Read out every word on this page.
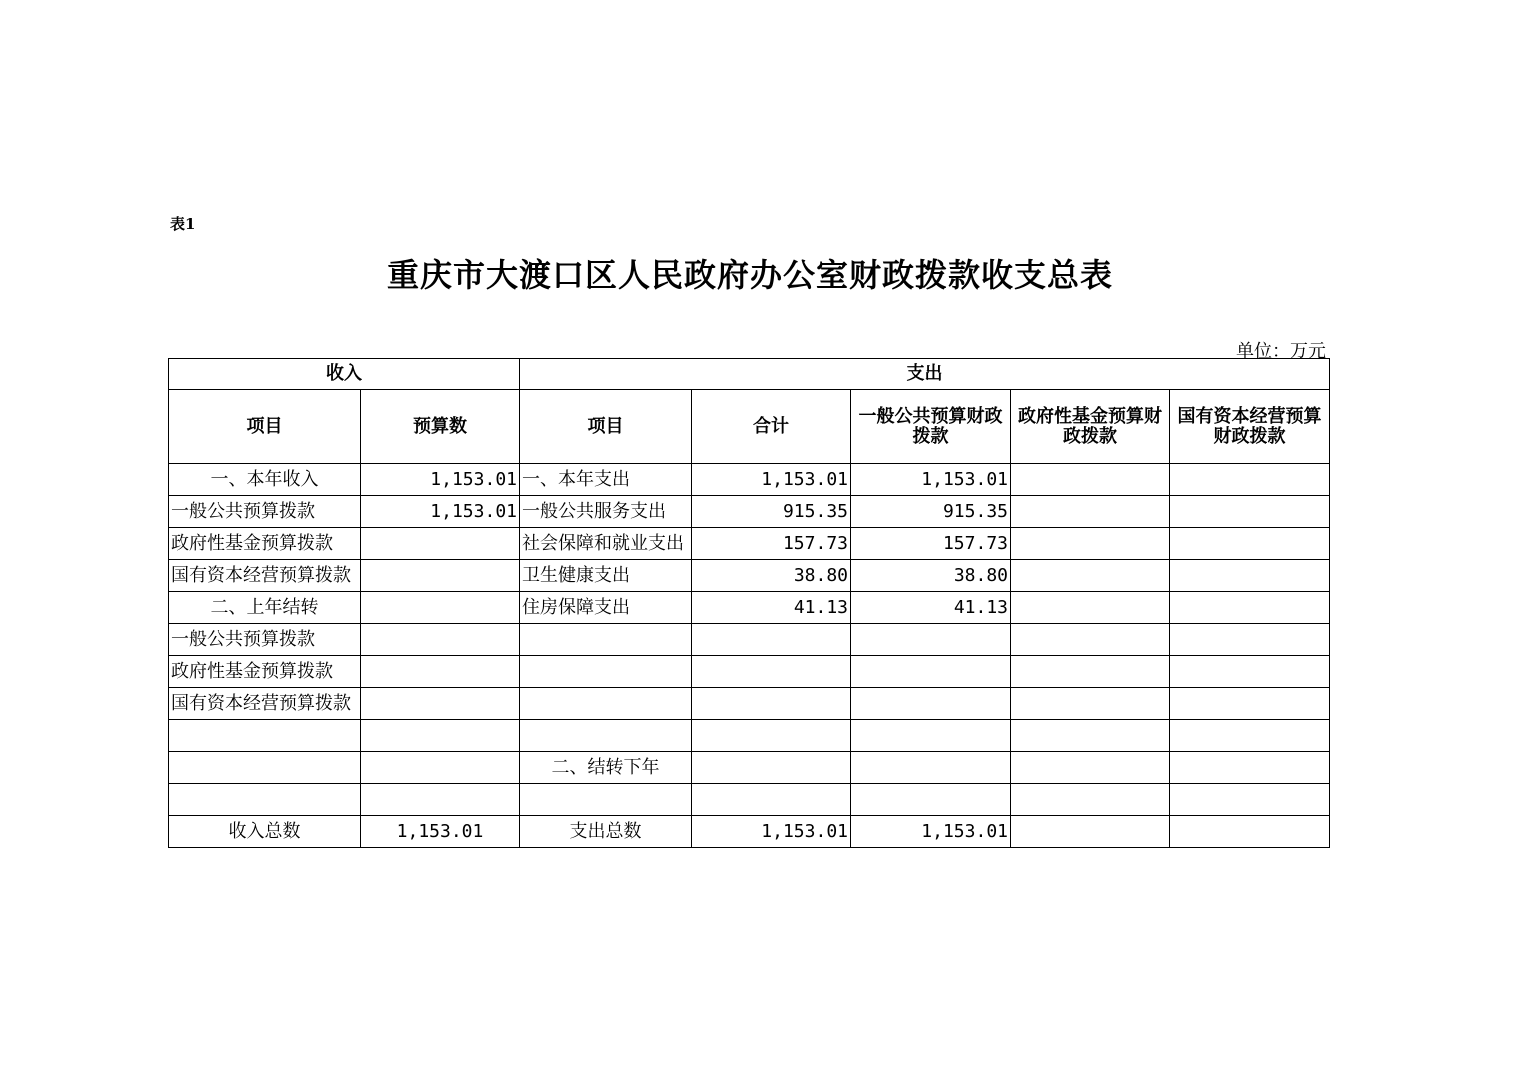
表1
重庆市大渡口区人民政府办公室财政拨款收支总表
单位：万元
收入		支出				
项目	预算数	项目	合计	一般公共预算财政拨款	政府性基金预算财政拨款	国有资本经营预算财政拨款
一、本年收入	1,153.01	一、本年支出	1,153.01	1,153.01		
一般公共预算拨款	1,153.01	一般公共服务支出	915.35	915.35		
政府性基金预算拨款		社会保障和就业支出	157.73	157.73		
国有资本经营预算拨款		卫生健康支出	38.80	38.80		
二、上年结转		住房保障支出	41.13	41.13		
一般公共预算拨款						
政府性基金预算拨款						
国有资本经营预算拨款						

		二、结转下年				

收入总数	1,153.01	支出总数	1,153.01	1,153.01		
